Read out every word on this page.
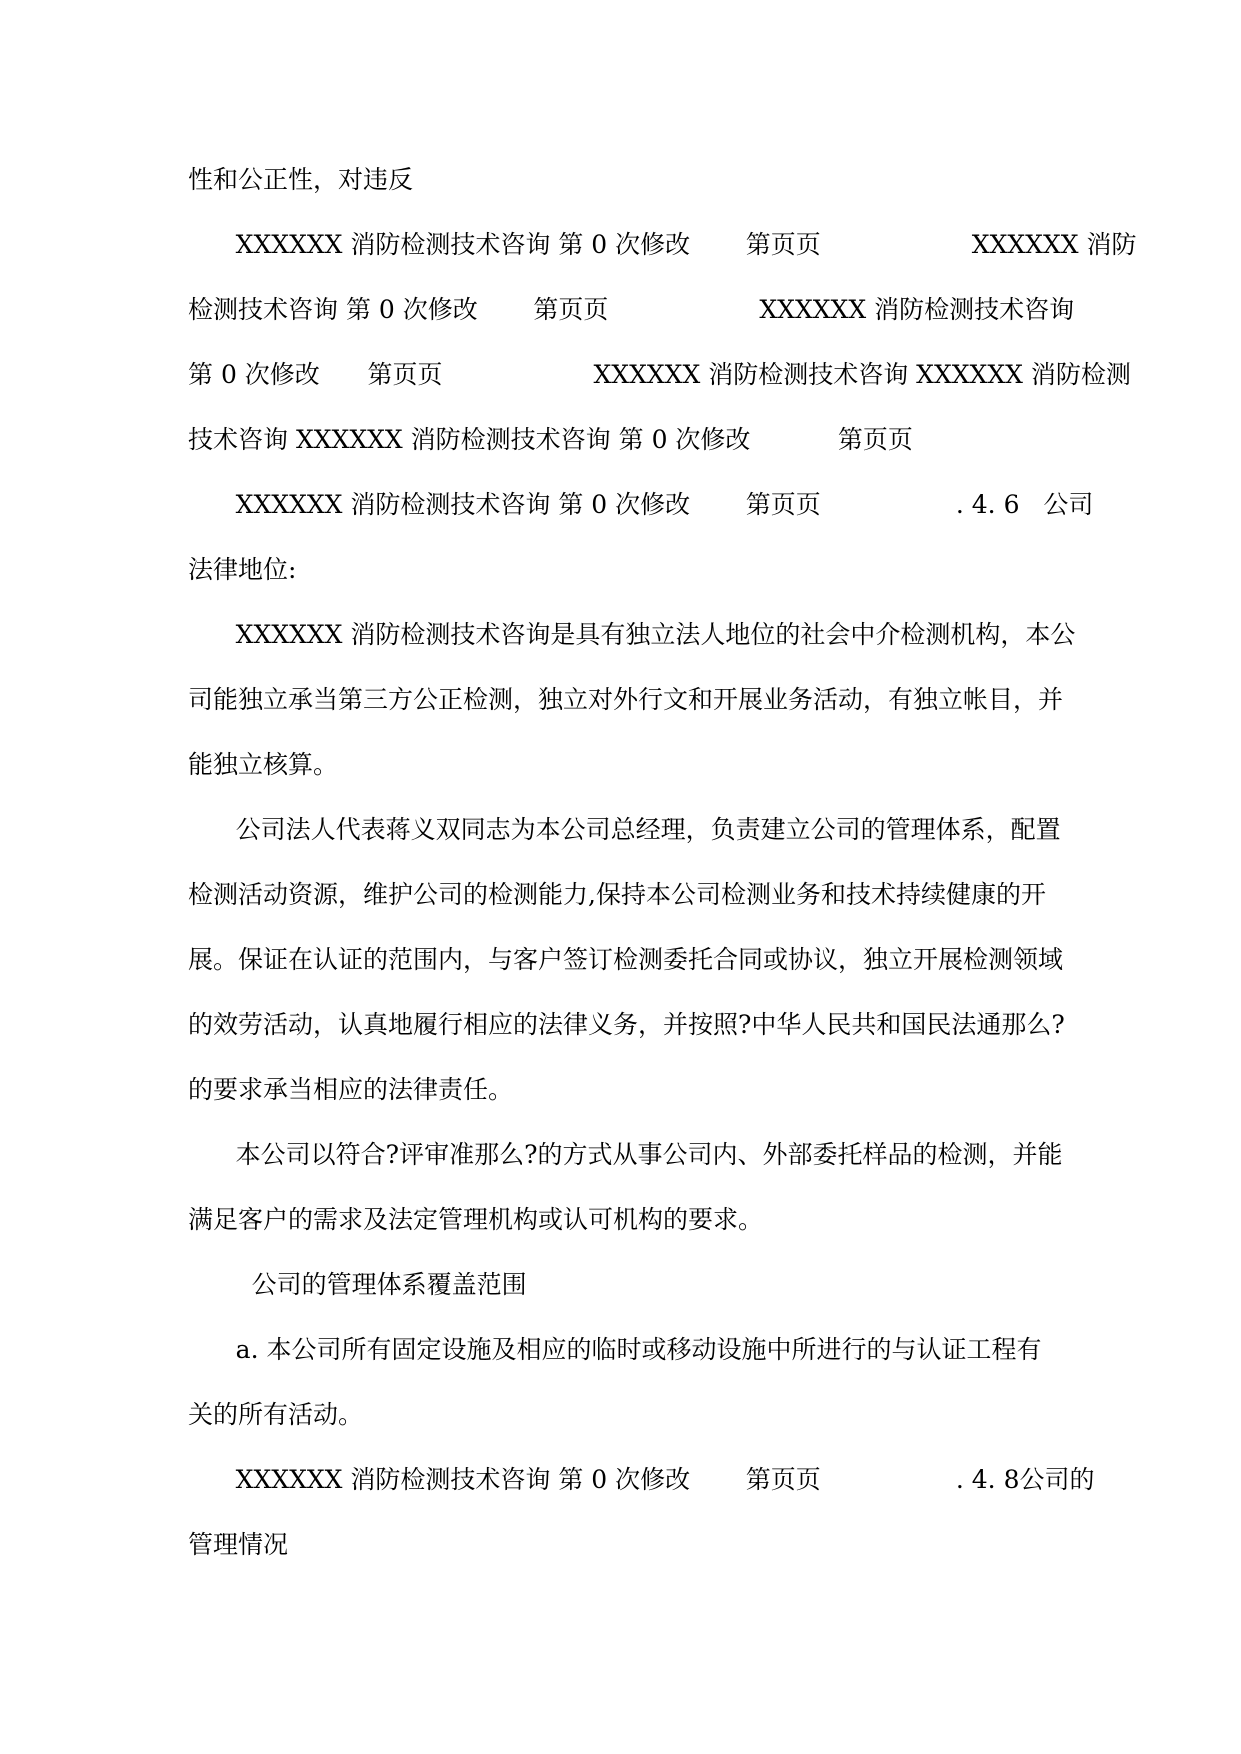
性和公正性，对违反
XXXXXX 消防检测技术咨询 第 0 次修改       第页页                   XXXXXX 消防
检测技术咨询 第 0 次修改       第页页                   XXXXXX 消防检测技术咨询
第 0 次修改      第页页                   XXXXXX 消防检测技术咨询 XXXXXX 消防检测
技术咨询 XXXXXX 消防检测技术咨询 第 0 次修改           第页页
XXXXXX 消防检测技术咨询 第 0 次修改       第页页                 . 4. 6   公司
法律地位:
XXXXXX 消防检测技术咨询是具有独立法人地位的社会中介检测机构，本公
司能独立承当第三方公正检测，独立对外行文和开展业务活动，有独立帐目，并
能独立核算。
公司法人代表蒋义双同志为本公司总经理，负责建立公司的管理体系，配置
检测活动资源，维护公司的检测能力,保持本公司检测业务和技术持续健康的开
展。保证在认证的范围内，与客户签订检测委托合同或协议，独立开展检测领域
的效劳活动，认真地履行相应的法律义务，并按照?中华人民共和国民法通那么?
的要求承当相应的法律责任。
本公司以符合?评审准那么?的方式从事公司内、外部委托样品的检测，并能
满足客户的需求及法定管理机构或认可机构的要求。
公司的管理体系覆盖范围
a. 本公司所有固定设施及相应的临时或移动设施中所进行的与认证工程有
关的所有活动。
XXXXXX 消防检测技术咨询 第 0 次修改       第页页                 . 4. 8公司的
管理情况
